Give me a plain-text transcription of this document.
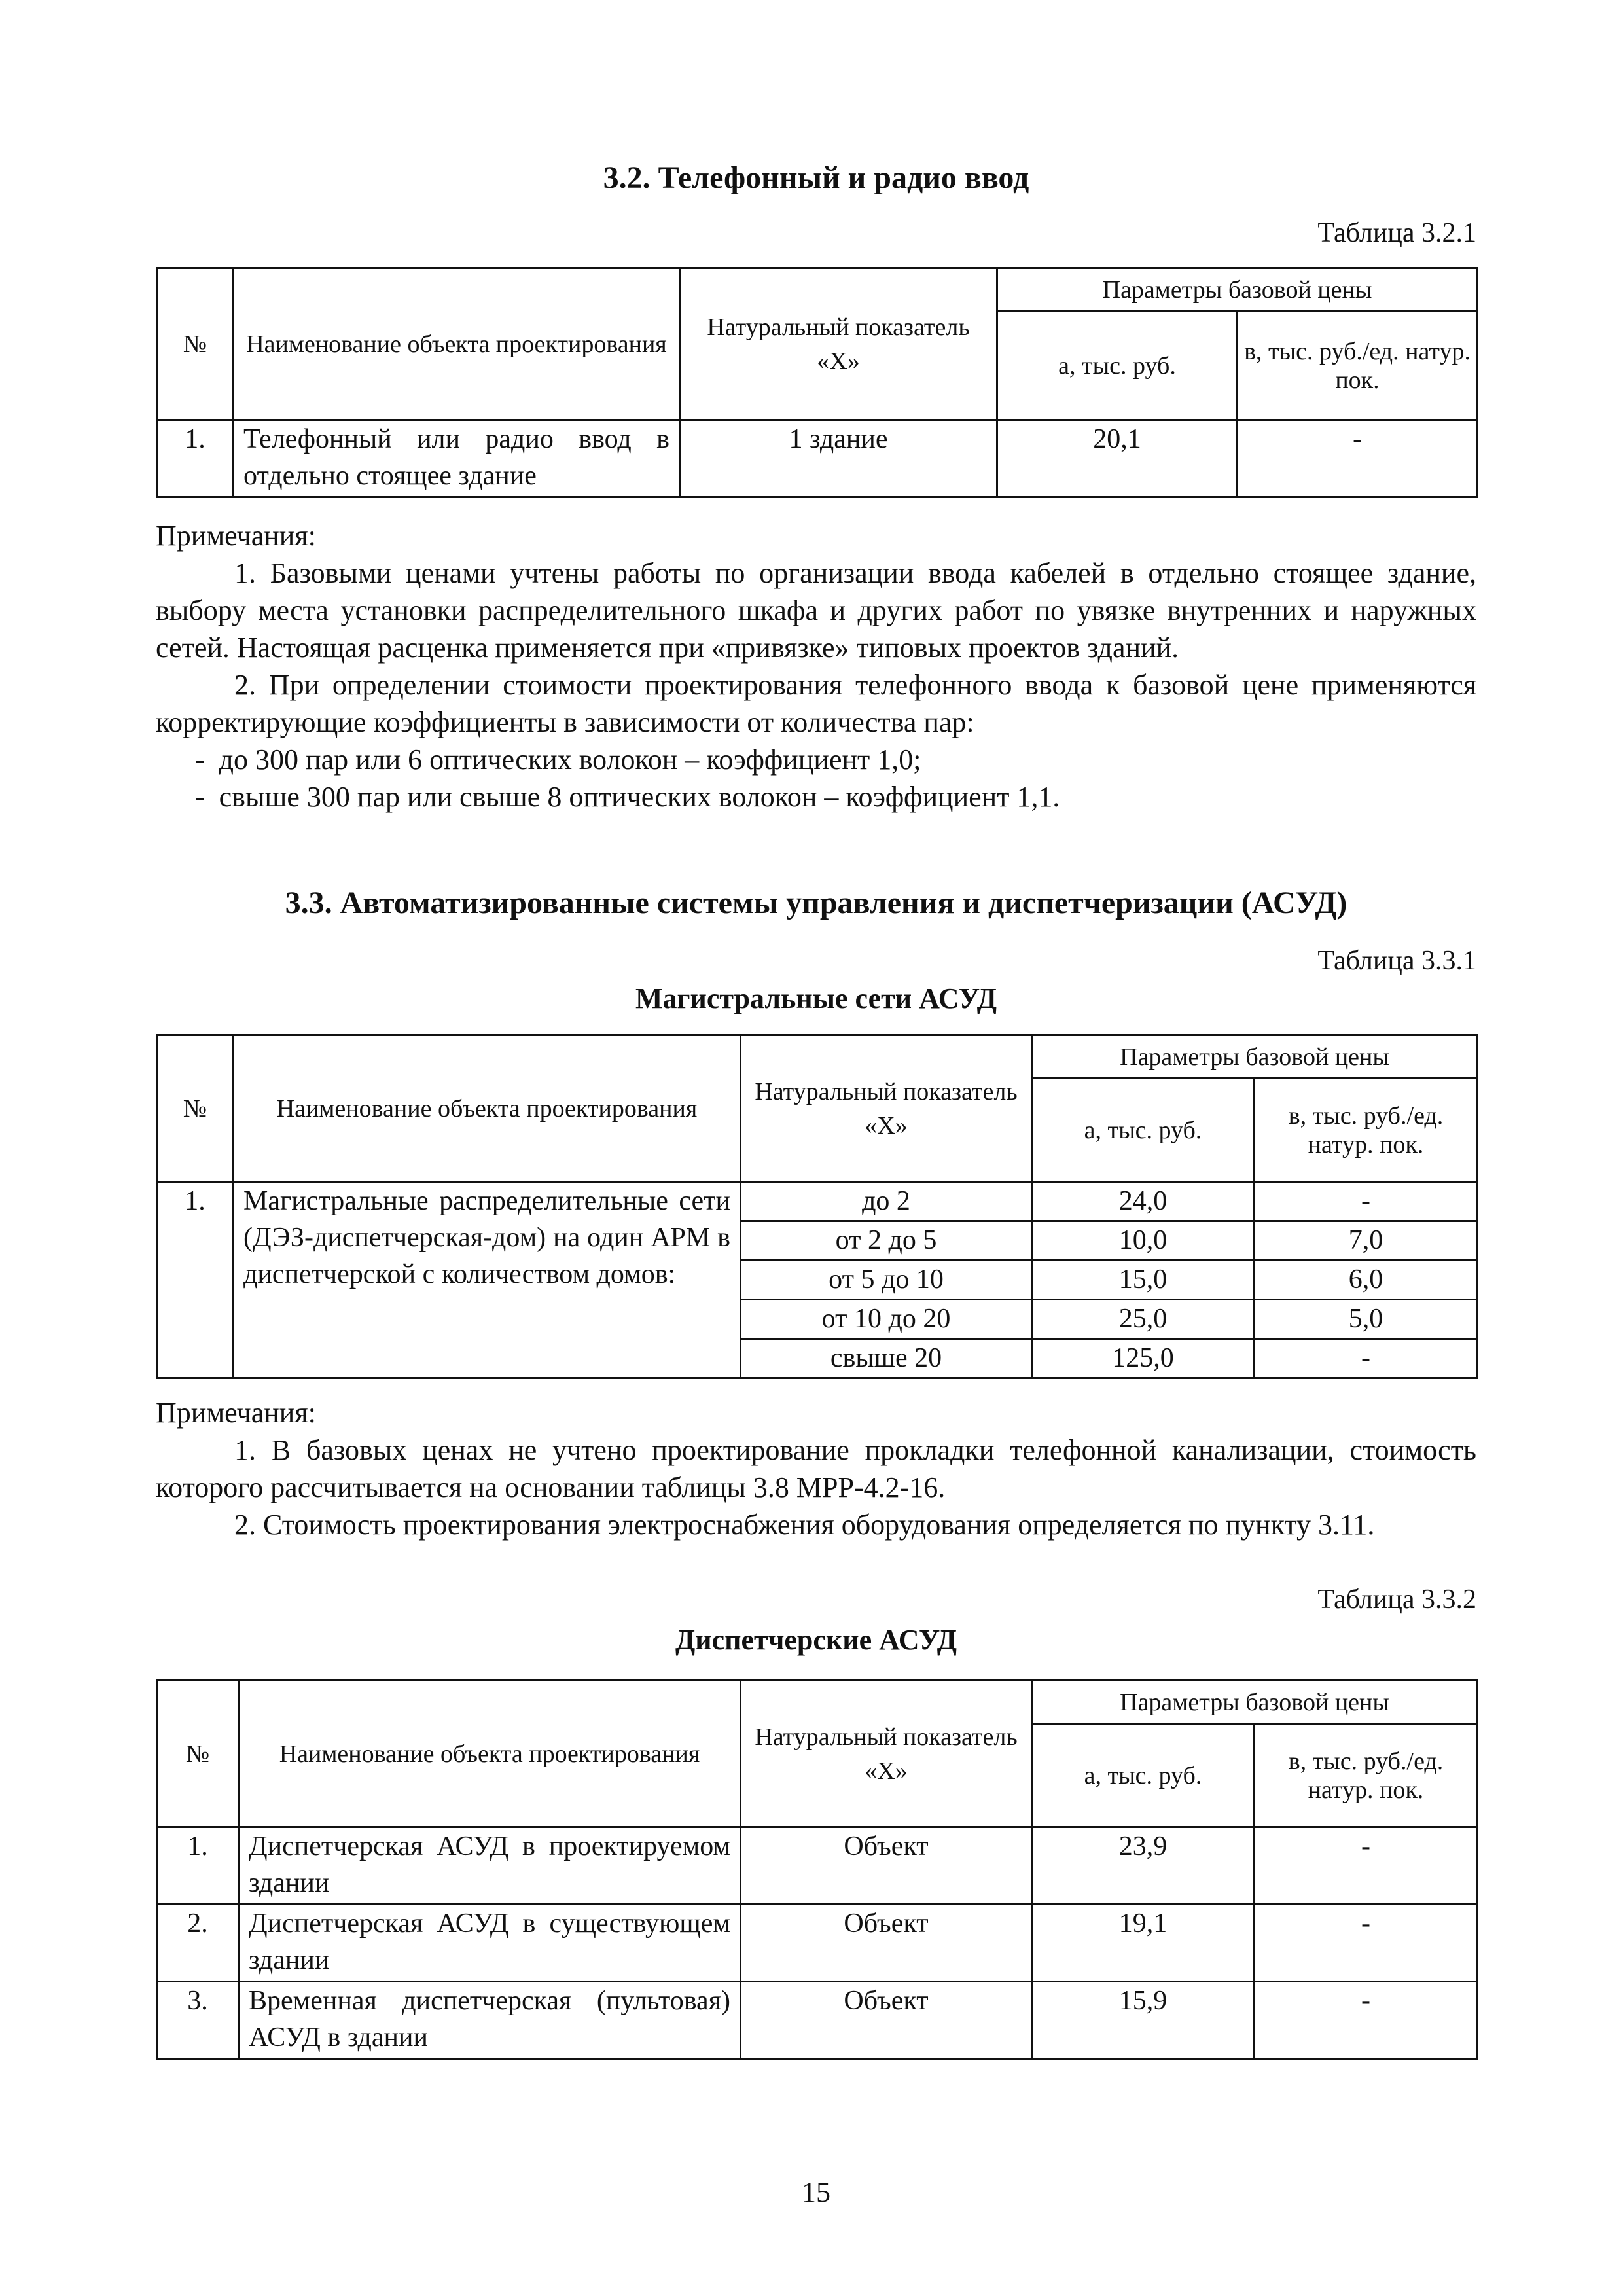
3.2. Телефонный и радио ввод
Таблица 3.2.1
№	Наименование объекта проектирования	Натуральный показатель «Х»	Параметры базовой цены	
			а, тыс. руб.	в, тыс. руб./ед. натур. пок.
1.	Телефонный или радио ввод в отдельно стоящее здание	1 здание	20,1	-

Примечания:

1. Базовыми ценами учтены работы по организации ввода кабелей в отдельно стоящее здание, выбору места установки распределительного шкафа и других работ по увязке внутренних и наружных сетей. Настоящая расценка применяется при «привязке» типовых проектов зданий.

2. При определении стоимости проектирования телефонного ввода к базовой цене применяются корректирующие коэффициенты в зависимости от количества пар:

-  до 300 пар или 6 оптических волокон – коэффициент 1,0;

-  свыше 300 пар или свыше 8 оптических волокон – коэффициент 1,1.

3.3. Автоматизированные системы управления и диспетчеризации (АСУД)
Таблица 3.3.1
Магистральные сети АСУД
№	Наименование объекта проектирования	Натуральный показатель «Х»	Параметры базовой цены	
			а, тыс. руб.	в, тыс. руб./ед. натур. пок.
1.	Магистральные распределительные сети (ДЭЗ-диспетчерская-дом) на один АРМ в диспетчерской с количеством домов:	до 2	24,0	-
		от 2 до 5	10,0	7,0
		от 5 до 10	15,0	6,0
		от 10 до 20	25,0	5,0
		свыше 20	125,0	-

Примечания:

1. В базовых ценах не учтено проектирование прокладки телефонной канализации, стоимость которого рассчитывается на основании таблицы 3.8 МРР-4.2-16.

2. Стоимость проектирования электроснабжения оборудования определяется по пункту 3.11.

Таблица 3.3.2
Диспетчерские АСУД
№	Наименование объекта проектирования	Натуральный показатель «Х»	Параметры базовой цены	
			а, тыс. руб.	в, тыс. руб./ед. натур. пок.
1.	Диспетчерская АСУД в проектируемом здании	Объект	23,9	-
2.	Диспетчерская АСУД в существующем здании	Объект	19,1	-
3.	Временная диспетчерская (пультовая) АСУД в здании	Объект	15,9	-
15
